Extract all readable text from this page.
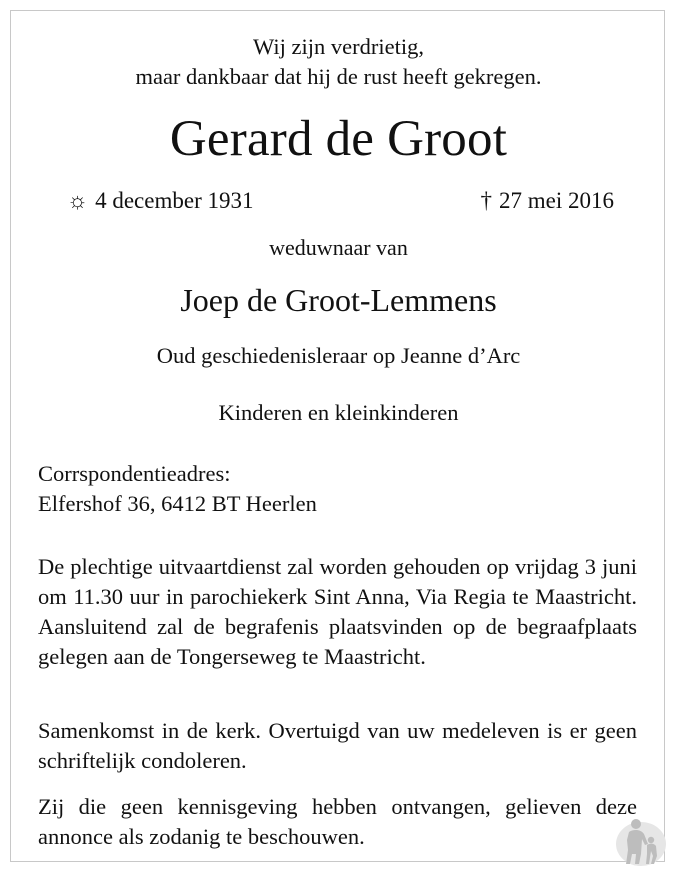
Wij zijn verdrietig,
maar dankbaar dat hij de rust heeft gekregen.
Gerard de Groot
☼ 4 december 1931	† 27 mei 2016
weduwnaar van
Joep de Groot-Lemmens
Oud geschiedenisleraar op Jeanne d’Arc
Kinderen en kleinkinderen
Corrspondentieadres:
Elfershof 36, 6412 BT Heerlen

De plechtige uitvaartdienst zal worden gehouden op vrijdag 3 juni om 11.30 uur in parochiekerk Sint Anna, Via Regia te Maastricht. Aansluitend zal de begrafenis plaatsvinden op de begraafplaats gelegen aan de Tongerseweg te Maastricht.

Samenkomst in de kerk. Overtuigd van uw medeleven is er geen schriftelijk condoleren.

Zij die geen kennisgeving hebben ontvangen, gelieven deze annonce als zodanig te beschouwen.
